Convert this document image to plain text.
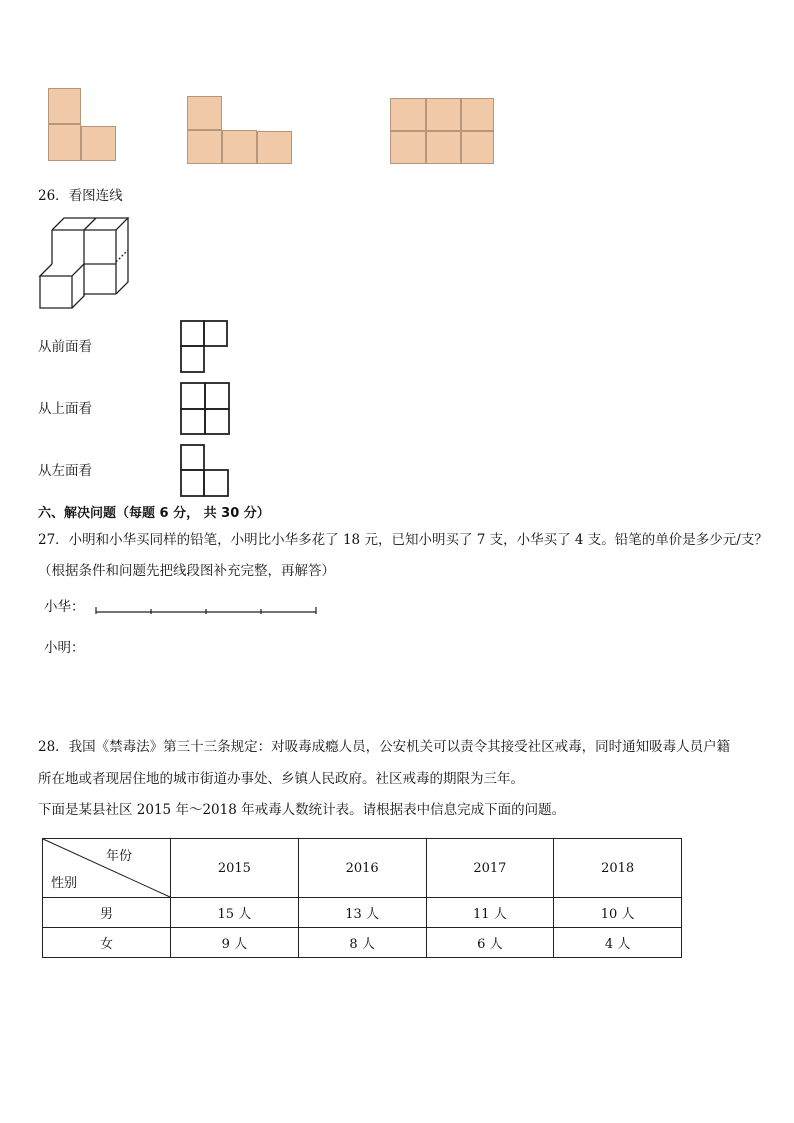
26．看图连线
从前面看
从上面看
从左面看
六、解决问题（每题 6 分， 共 30 分）
27．小明和小华买同样的铅笔，小明比小华多花了 18 元，已知小明买了 7 支，小华买了 4 支。铅笔的单价是多少元/支？
（根据条件和问题先把线段图补充完整，再解答）
小华：
小明：
28．我国《禁毒法》第三十三条规定：对吸毒成瘾人员，公安机关可以责令其接受社区戒毒，同时通知吸毒人员户籍
所在地或者现居住地的城市街道办事处、乡镇人民政府。社区戒毒的期限为三年。
下面是某县社区 2015 年～2018 年戒毒人数统计表。请根据表中信息完成下面的问题。
年份
性别	2015	2016	2017	2018
男	15 人	13 人	11 人	10 人
女	9 人	8 人	6 人	4 人
